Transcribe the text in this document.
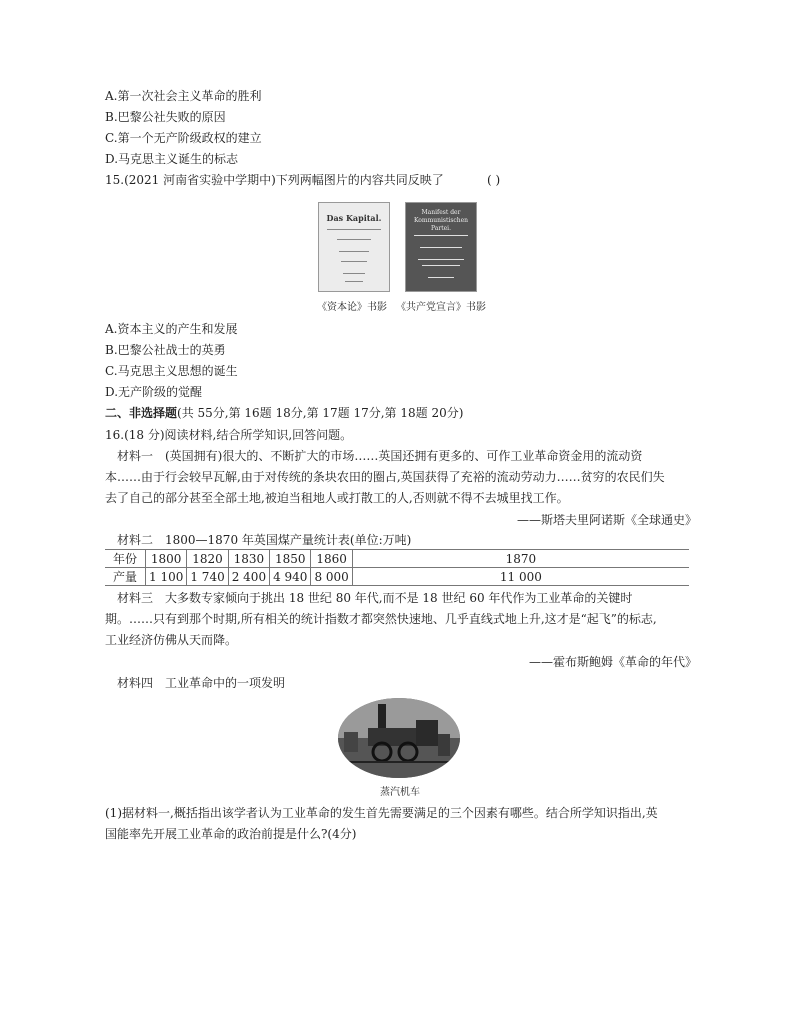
A.第一次社会主义革命的胜利
B.巴黎公社失败的原因
C.第一个无产阶级政权的建立
D.马克思主义诞生的标志
15.(2021 河南省实验中学期中)下列两幅图片的内容共同反映了	( )
Das Kapital.
Manifest der Kommunistischen Partei.
《资本论》书影 《共产党宣言》书影
A.资本主义的产生和发展
B.巴黎公社战士的英勇
C.马克思主义思想的诞生
D.无产阶级的觉醒
二、非选择题(共 55分,第 16题 18分,第 17题 17分,第 18题 20分)
16.(18 分)阅读材料,结合所学知识,回答问题。
材料一　(英国拥有)很大的、不断扩大的市场……英国还拥有更多的、可作工业革命资金用的流动资
本……由于行会较早瓦解,由于对传统的条块农田的圈占,英国获得了充裕的流动劳动力……贫穷的农民们失
去了自己的部分甚至全部土地,被迫当租地人或打散工的人,否则就不得不去城里找工作。
——斯塔夫里阿诺斯《全球通史》
材料二　1800—1870 年英国煤产量统计表(单位:万吨)
年份	1800	1820	1830	1850	1860	1870
产量	1 100	1 740	2 400	4 940	8 000	11 000
材料三　大多数专家倾向于挑出 18 世纪 80 年代,而不是 18 世纪 60 年代作为工业革命的关键时
期。……只有到那个时期,所有相关的统计指数才都突然快速地、几乎直线式地上升,这才是“起飞”的标志,
工业经济仿佛从天而降。
——霍布斯鲍姆《革命的年代》
材料四　工业革命中的一项发明
蒸汽机车
(1)据材料一,概括指出该学者认为工业革命的发生首先需要满足的三个因素有哪些。结合所学知识指出,英
国能率先开展工业革命的政治前提是什么?(4分)
